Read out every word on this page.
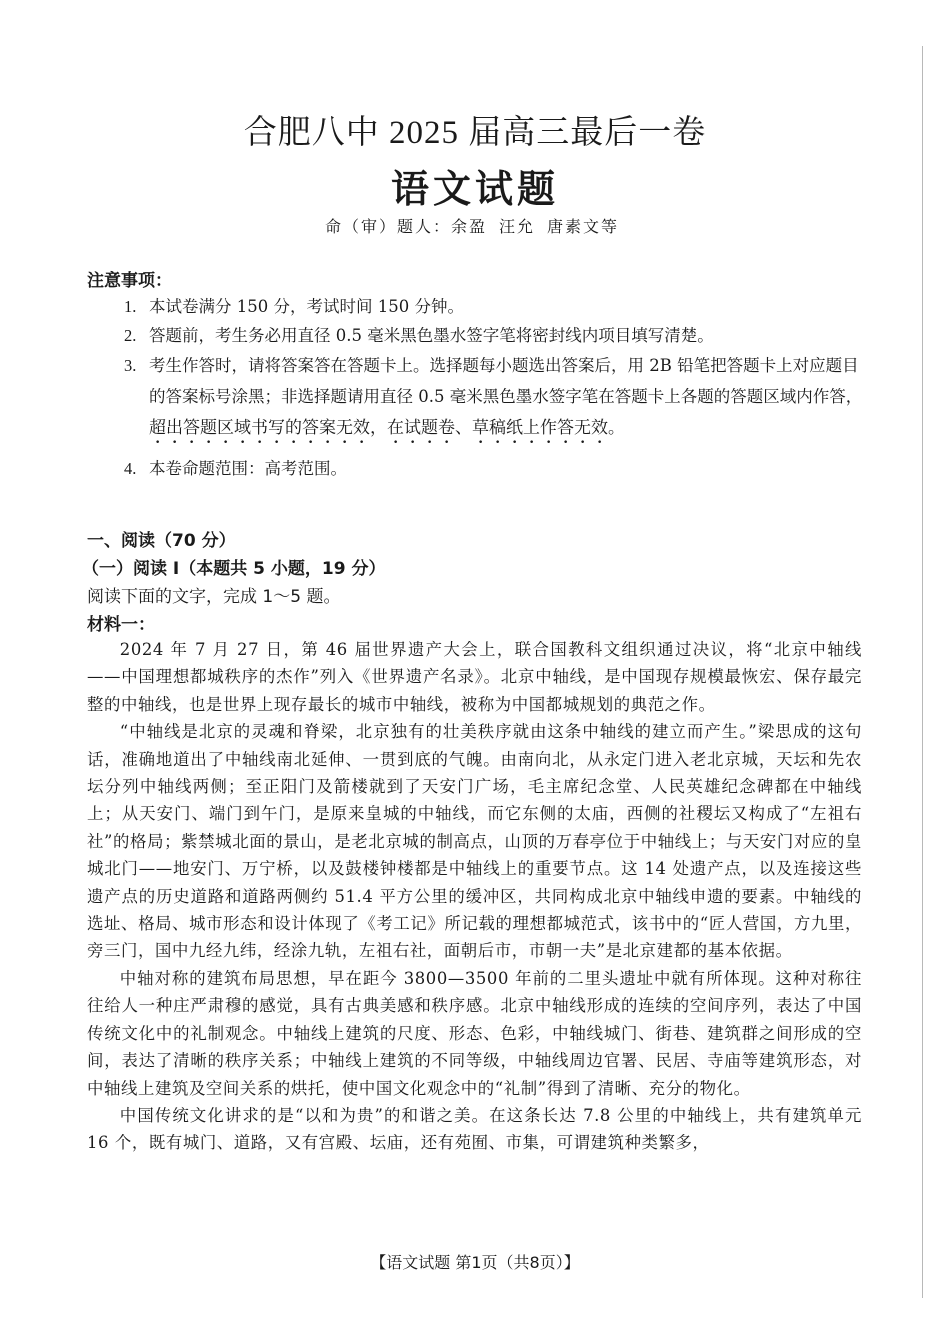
合肥八中 2025 届高三最后一卷
语文试题
命（审）题人：余盈 汪允 唐素文等
注意事项：
1. 本试卷满分 150 分，考试时间 150 分钟。
2. 答题前，考生务必用直径 0.5 毫米黑色墨水签字笔将密封线内项目填写清楚。
3. 考生作答时，请将答案答在答题卡上。选择题每小题选出答案后，用 2B 铅笔把答题卡上对应题目的答案标号涂黑；非选择题请用直径 0.5 毫米黑色墨水签字笔在答题卡上各题的答题区域内作答，超出答题区域书写的答案无效，在试题卷、草稿纸上作答无效。
4. 本卷命题范围：高考范围。
一、阅读（70 分）
（一）阅读 I（本题共 5 小题，19 分）
阅读下面的文字，完成 1～5 题。
材料一：

2024 年 7 月 27 日，第 46 届世界遗产大会上，联合国教科文组织通过决议，将“北京中轴线——中国理想都城秩序的杰作”列入《世界遗产名录》。北京中轴线，是中国现存规模最恢宏、保存最完整的中轴线，也是世界上现存最长的城市中轴线，被称为中国都城规划的典范之作。

“中轴线是北京的灵魂和脊梁，北京独有的壮美秩序就由这条中轴线的建立而产生。”梁思成的这句话，准确地道出了中轴线南北延伸、一贯到底的气魄。由南向北，从永定门进入老北京城，天坛和先农坛分列中轴线两侧；至正阳门及箭楼就到了天安门广场，毛主席纪念堂、人民英雄纪念碑都在中轴线上；从天安门、端门到午门，是原来皇城的中轴线，而它东侧的太庙，西侧的社稷坛又构成了“左祖右社”的格局；紫禁城北面的景山，是老北京城的制高点，山顶的万春亭位于中轴线上；与天安门对应的皇城北门——地安门、万宁桥，以及鼓楼钟楼都是中轴线上的重要节点。这 14 处遗产点，以及连接这些遗产点的历史道路和道路两侧约 51.4 平方公里的缓冲区，共同构成北京中轴线申遗的要素。中轴线的选址、格局、城市形态和设计体现了《考工记》所记载的理想都城范式，该书中的“匠人营国，方九里，旁三门，国中九经九纬，经涂九轨，左祖右社，面朝后市，市朝一夫”是北京建都的基本依据。

中轴对称的建筑布局思想，早在距今 3800—3500 年前的二里头遗址中就有所体现。这种对称往往给人一种庄严肃穆的感觉，具有古典美感和秩序感。北京中轴线形成的连续的空间序列，表达了中国传统文化中的礼制观念。中轴线上建筑的尺度、形态、色彩，中轴线城门、街巷、建筑群之间形成的空间，表达了清晰的秩序关系；中轴线上建筑的不同等级，中轴线周边官署、民居、寺庙等建筑形态，对中轴线上建筑及空间关系的烘托，使中国文化观念中的“礼制”得到了清晰、充分的物化。

中国传统文化讲求的是“以和为贵”的和谐之美。在这条长达 7.8 公里的中轴线上，共有建筑单元 16 个，既有城门、道路，又有宫殿、坛庙，还有苑囿、市集，可谓建筑种类繁多，

【语文试题 第1页（共8页）】
